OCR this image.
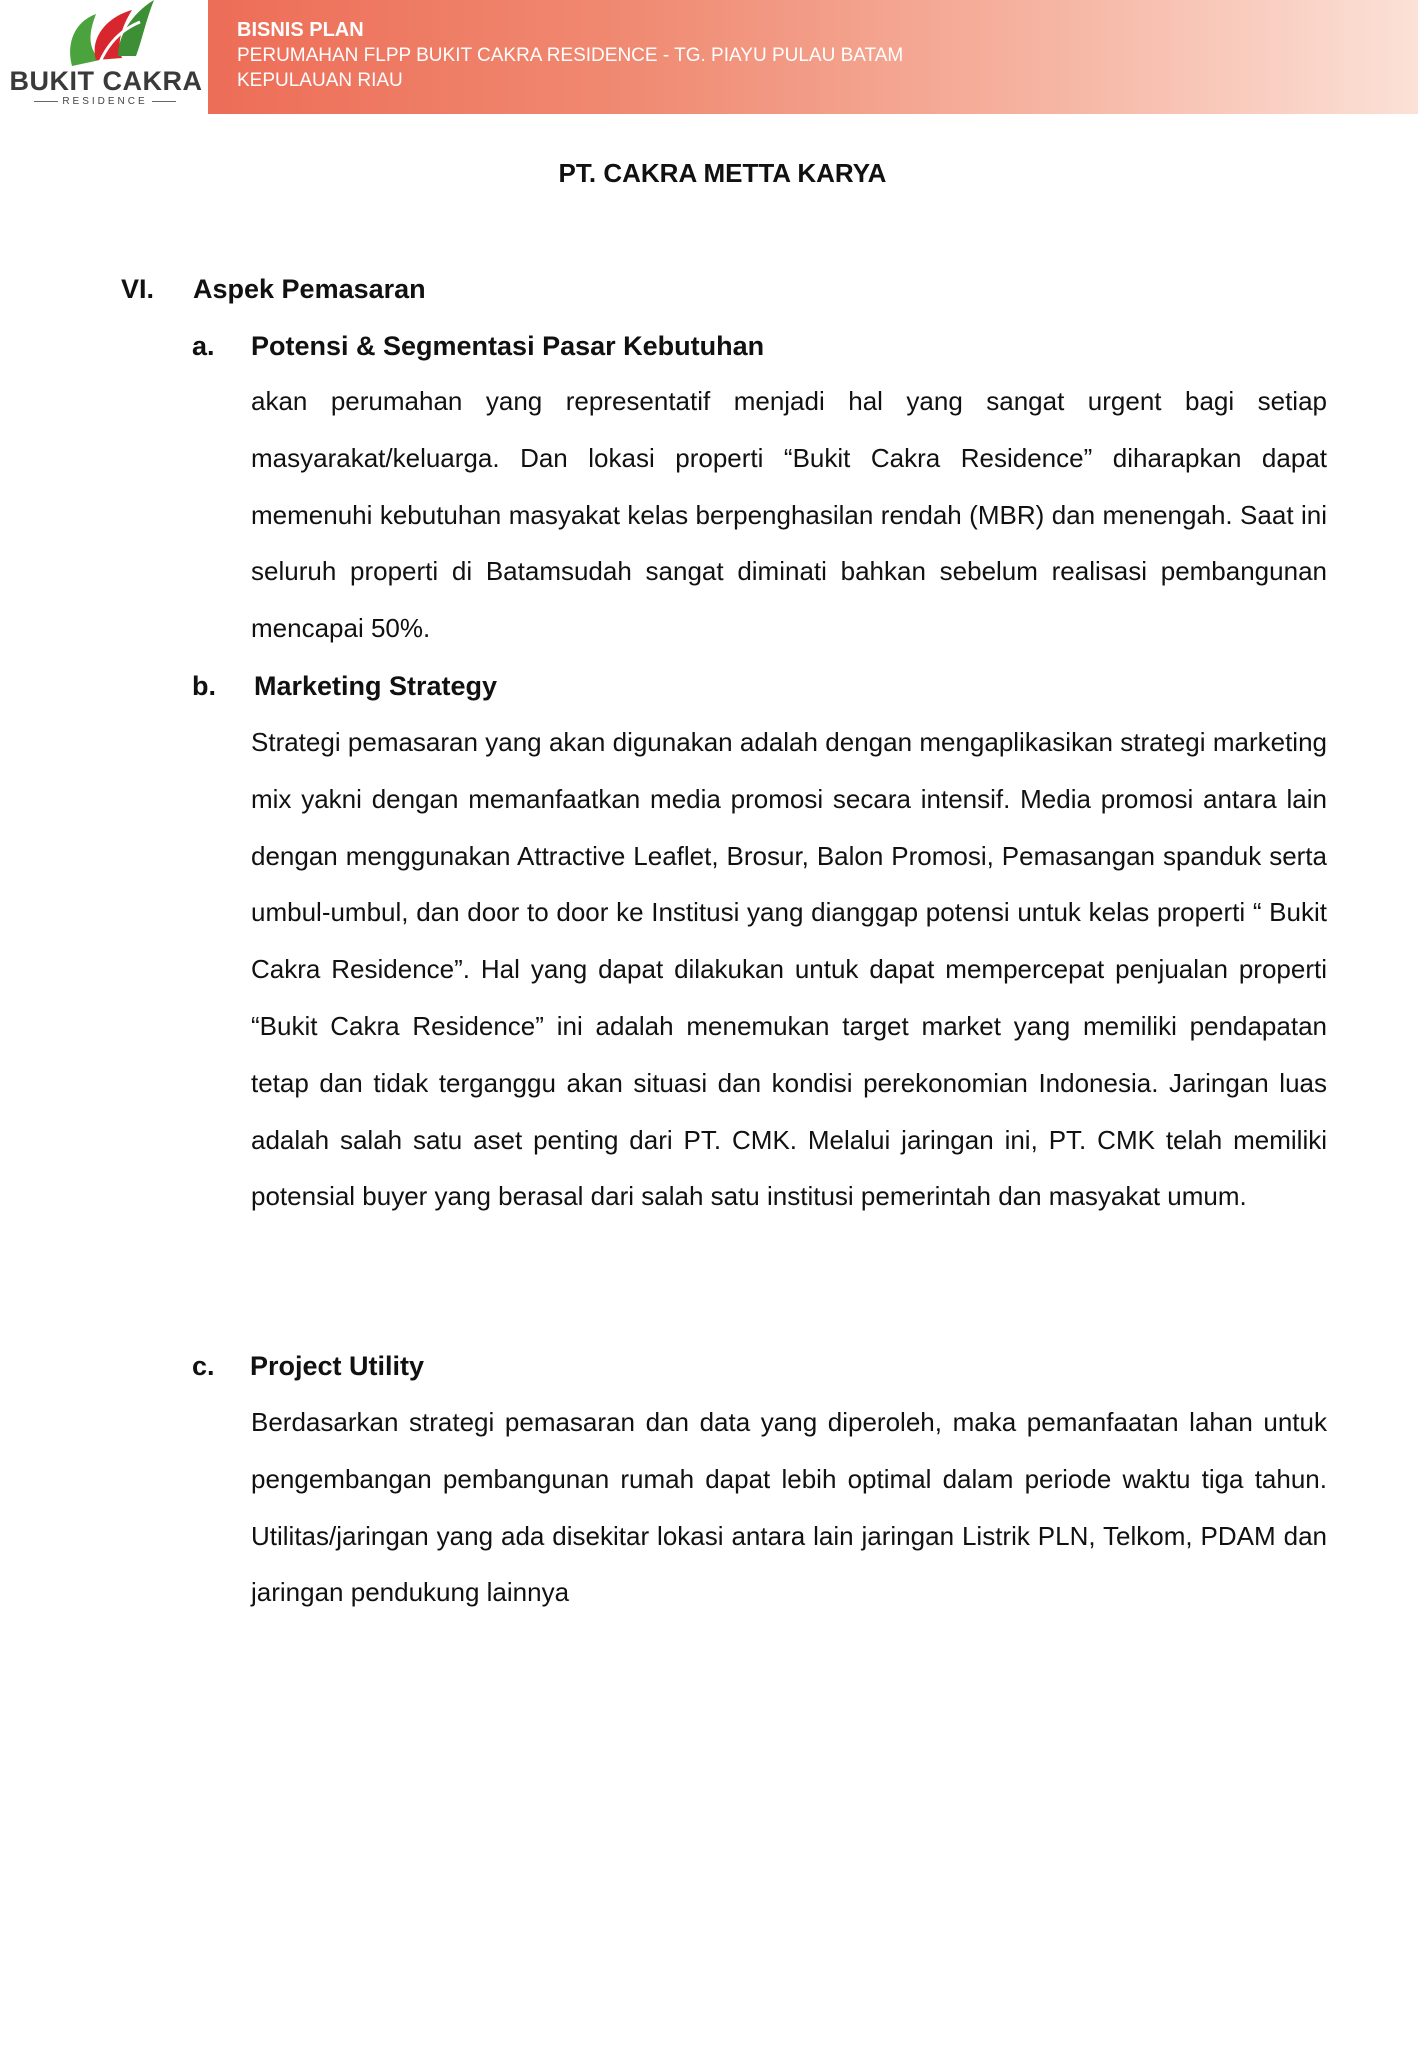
BUKIT CAKRA
RESIDENCE
BISNIS PLAN
PERUMAHAN FLPP BUKIT CAKRA RESIDENCE - TG. PIAYU PULAU BATAM
KEPULAUAN RIAU
PT. CAKRA METTA KARYA
VI. Aspek Pemasaran
a. Potensi & Segmentasi Pasar Kebutuhan
akan perumahan yang representatif menjadi hal yang sangat urgent bagi setiap masyarakat/keluarga. Dan lokasi properti “Bukit Cakra Residence” diharapkan dapat memenuhi kebutuhan masyakat kelas berpenghasilan rendah (MBR) dan menengah. Saat ini seluruh properti di Batamsudah sangat diminati bahkan sebelum realisasi pembangunan mencapai 50%.
b. Marketing Strategy
Strategi pemasaran yang akan digunakan adalah dengan mengaplikasikan strategi marketing mix yakni dengan memanfaatkan media promosi secara intensif. Media promosi antara lain dengan menggunakan Attractive Leaflet, Brosur, Balon Promosi, Pemasangan spanduk serta umbul-umbul, dan door to door ke Institusi yang dianggap potensi untuk kelas properti “ Bukit Cakra Residence”. Hal yang dapat dilakukan untuk dapat mempercepat penjualan properti “Bukit Cakra Residence” ini adalah menemukan target market yang memiliki pendapatan tetap dan tidak terganggu akan situasi dan kondisi perekonomian Indonesia. Jaringan luas adalah salah satu aset penting dari PT. CMK. Melalui jaringan ini, PT. CMK telah memiliki potensial buyer yang berasal dari salah satu institusi pemerintah dan masyakat umum.
c. Project Utility
Berdasarkan strategi pemasaran dan data yang diperoleh, maka pemanfaatan lahan untuk pengembangan pembangunan rumah dapat lebih optimal dalam periode waktu tiga tahun. Utilitas/jaringan yang ada disekitar lokasi antara lain jaringan Listrik PLN, Telkom, PDAM dan jaringan pendukung lainnya
